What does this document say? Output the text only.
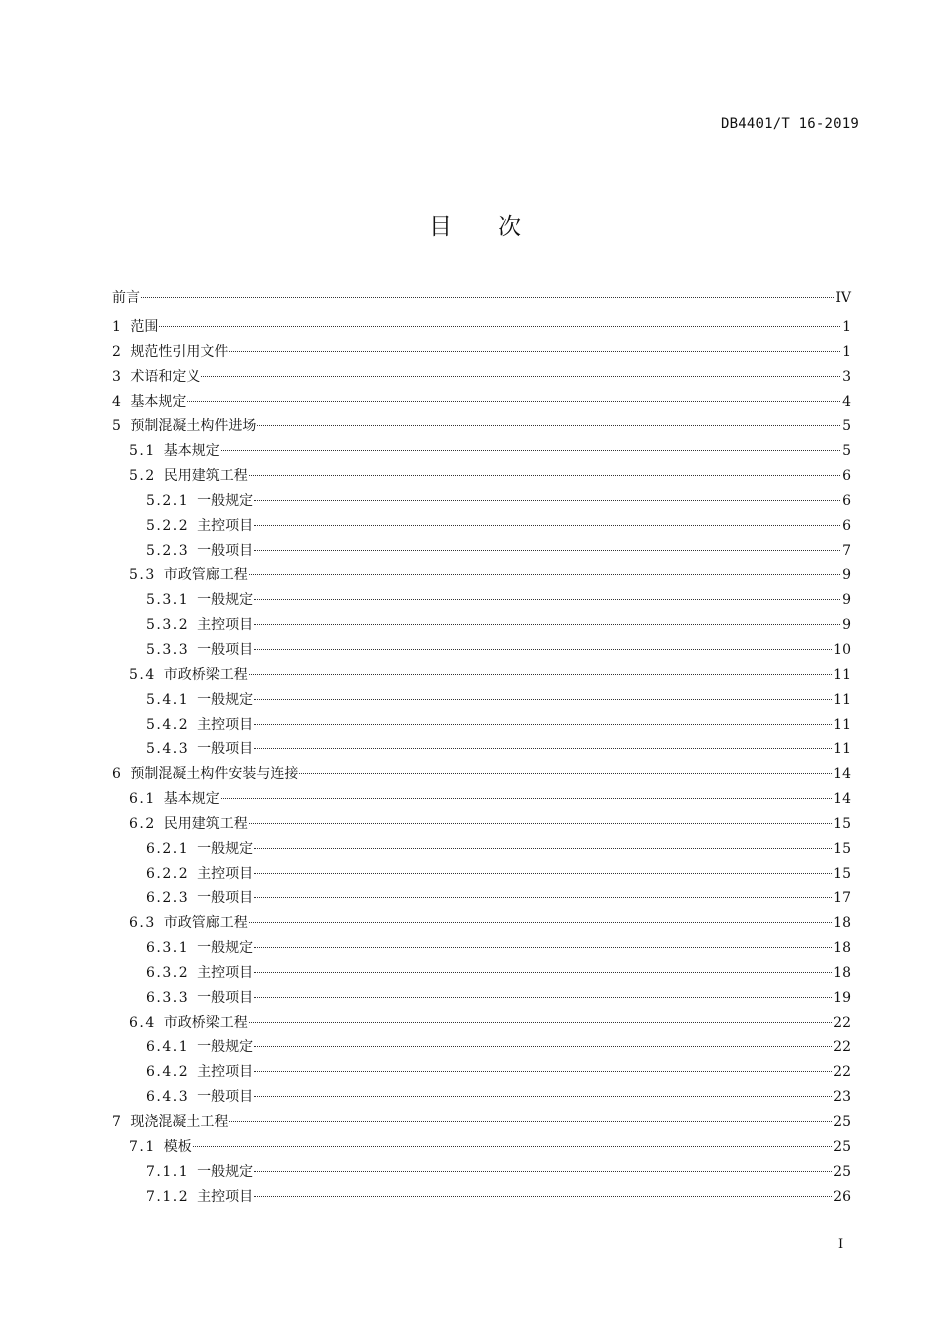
DB4401/T 16-2019
目次
前言	IV
1 范围	1
2 规范性引用文件	1
3 术语和定义	3
4 基本规定	4
5 预制混凝土构件进场	5
5.1 基本规定	5
5.2 民用建筑工程	6
5.2.1 一般规定	6
5.2.2 主控项目	6
5.2.3 一般项目	7
5.3 市政管廊工程	9
5.3.1 一般规定	9
5.3.2 主控项目	9
5.3.3 一般项目	10
5.4 市政桥梁工程	11
5.4.1 一般规定	11
5.4.2 主控项目	11
5.4.3 一般项目	11
6 预制混凝土构件安装与连接	14
6.1 基本规定	14
6.2 民用建筑工程	15
6.2.1 一般规定	15
6.2.2 主控项目	15
6.2.3 一般项目	17
6.3 市政管廊工程	18
6.3.1 一般规定	18
6.3.2 主控项目	18
6.3.3 一般项目	19
6.4 市政桥梁工程	22
6.4.1 一般规定	22
6.4.2 主控项目	22
6.4.3 一般项目	23
7 现浇混凝土工程	25
7.1 模板	25
7.1.1 一般规定	25
7.1.2 主控项目	26
I
